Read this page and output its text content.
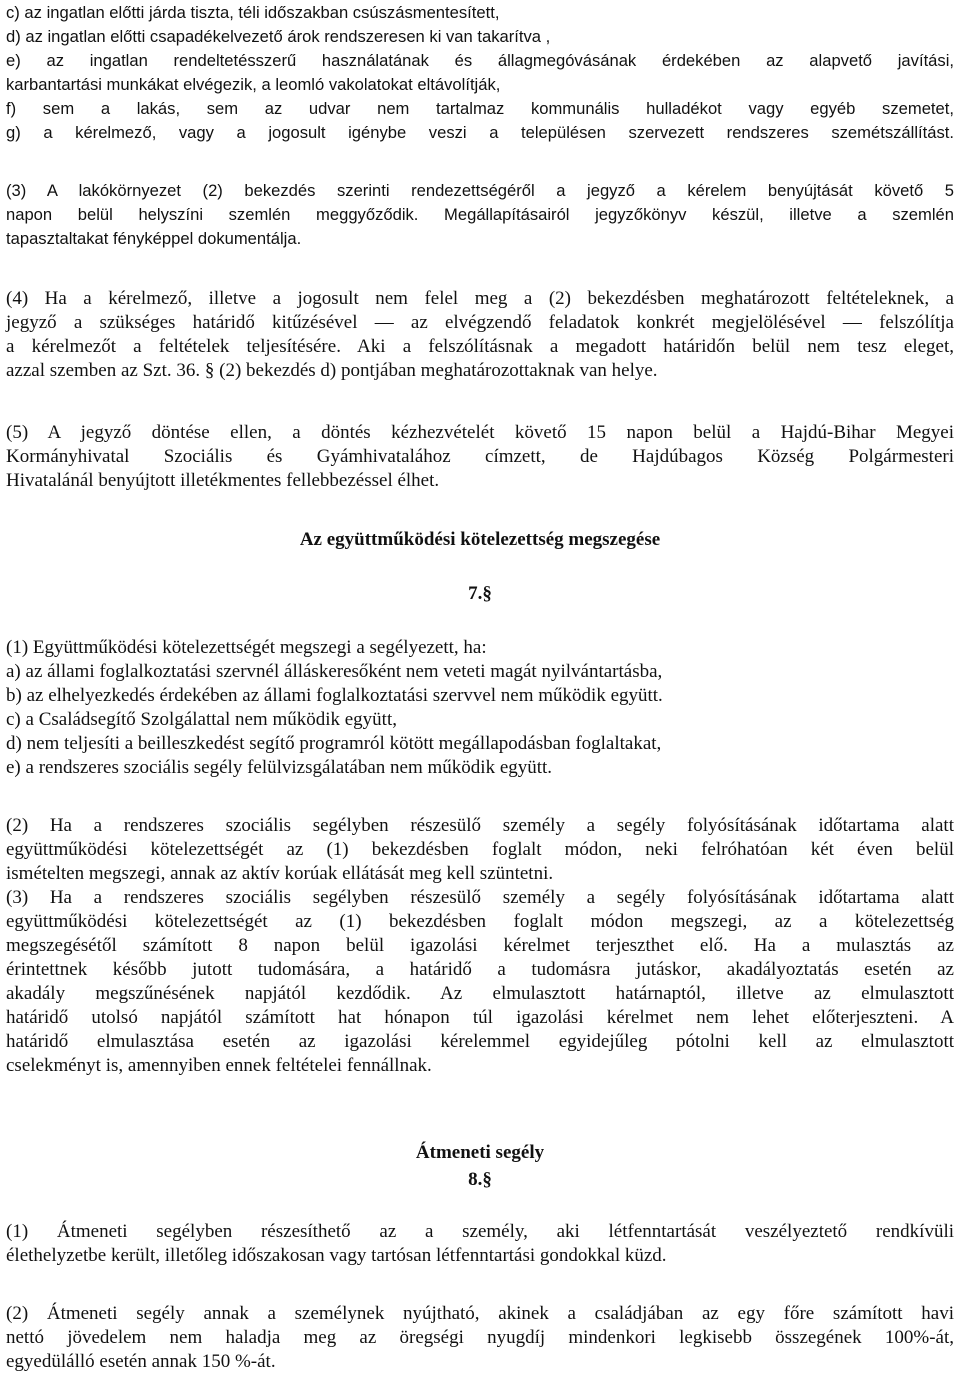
c) az ingatlan előtti járda tiszta, téli időszakban csúszásmentesített,
d) az ingatlan előtti csapadékelvezető árok rendszeresen ki van takarítva ,
e) az ingatlan rendeltetésszerű használatának és állagmegóvásának érdekében az alapvető javítási,
karbantartási munkákat elvégezik, a leomló vakolatokat eltávolítják,
f) sem a lakás, sem az udvar nem tartalmaz kommunális hulladékot vagy egyéb szemetet,
g) a kérelmező, vagy a jogosult igénybe veszi a településen szervezett rendszeres szemétszállítást.
(3) A lakókörnyezet (2) bekezdés szerinti rendezettségéről a jegyző a kérelem benyújtását követő 5
napon belül helyszíni szemlén meggyőződik. Megállapításairól jegyzőkönyv készül, illetve a szemlén
tapasztaltakat fényképpel dokumentálja.
(4) Ha a kérelmező, illetve a jogosult nem felel meg a (2) bekezdésben meghatározott feltételeknek, a
jegyző a szükséges határidő kitűzésével — az elvégzendő feladatok konkrét megjelölésével — felszólítja
a kérelmezőt a feltételek teljesítésére. Aki a felszólításnak a megadott határidőn belül nem tesz eleget,
azzal szemben az Szt. 36. § (2) bekezdés d) pontjában meghatározottaknak van helye.
(5) A jegyző döntése ellen, a döntés kézhezvételét követő 15 napon belül a Hajdú-Bihar Megyei
Kormányhivatal Szociális és Gyámhivatalához címzett, de Hajdúbagos Község Polgármesteri
Hivatalánál benyújtott illetékmentes fellebbezéssel élhet.
Az együttműködési kötelezettség megszegése
7.§
(1) Együttműködési kötelezettségét megszegi a segélyezett, ha:
a) az állami foglalkoztatási szervnél álláskeresőként nem veteti magát nyilvántartásba,
b) az elhelyezkedés érdekében az állami foglalkoztatási szervvel nem működik együtt.
c) a Családsegítő Szolgálattal nem működik együtt,
d) nem teljesíti a beilleszkedést segítő programról kötött megállapodásban foglaltakat,
e) a rendszeres szociális segély felülvizsgálatában nem működik együtt.
(2) Ha a rendszeres szociális segélyben részesülő személy a segély folyósításának időtartama alatt
együttműködési kötelezettségét az (1) bekezdésben foglalt módon, neki felróhatóan két éven belül
ismételten megszegi, annak az aktív korúak ellátását meg kell szüntetni.
(3) Ha a rendszeres szociális segélyben részesülő személy a segély folyósításának időtartama alatt
együttműködési kötelezettségét az (1) bekezdésben foglalt módon megszegi, az a kötelezettség
megszegésétől számított 8 napon belül igazolási kérelmet terjeszthet elő. Ha a mulasztás az
érintettnek később jutott tudomására, a határidő a tudomásra jutáskor, akadályoztatás esetén az
akadály megszűnésének napjától kezdődik. Az elmulasztott határnaptól, illetve az elmulasztott
határidő utolsó napjától számított hat hónapon túl igazolási kérelmet nem lehet előterjeszteni. A
határidő elmulasztása esetén az igazolási kérelemmel egyidejűleg pótolni kell az elmulasztott
cselekményt is, amennyiben ennek feltételei fennállnak.
Átmeneti segély
8.§
(1) Átmeneti segélyben részesíthető az a személy, aki létfenntartását veszélyeztető rendkívüli
élethelyzetbe került, illetőleg időszakosan vagy tartósan létfenntartási gondokkal küzd.
(2) Átmeneti segély annak a személynek nyújtható, akinek a családjában az egy főre számított havi
nettó jövedelem nem haladja meg az öregségi nyugdíj mindenkori legkisebb összegének 100%-át,
egyedülálló esetén annak 150 %-át.
